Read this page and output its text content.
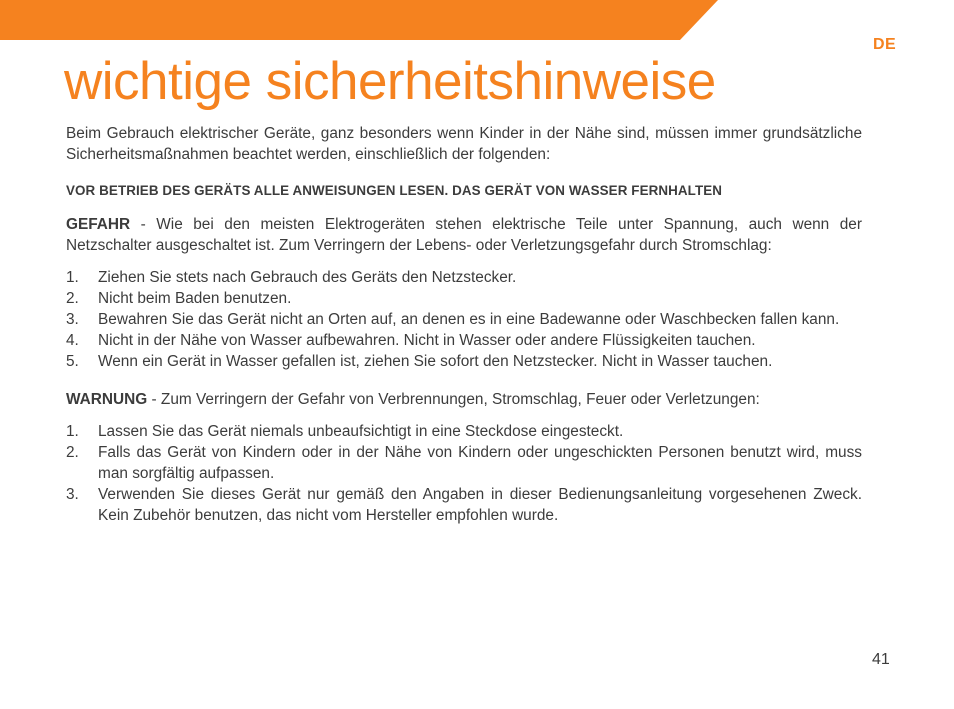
DE
wichtige sicherheitshinweise

Beim Gebrauch elektrischer Geräte, ganz besonders wenn Kinder in der Nähe sind, müssen immer grundsätzliche Sicherheitsmaßnahmen beachtet werden, einschließlich der folgenden:

VOR BETRIEB DES GERÄTS ALLE ANWEISUNGEN LESEN. DAS GERÄT VON WASSER FERNHALTEN

GEFAHR - Wie bei den meisten Elektrogeräten stehen elektrische Teile unter Spannung, auch wenn der Netzschalter ausgeschaltet ist. Zum Verringern der Lebens- oder Verletzungsgefahr durch Stromschlag:

1.	Ziehen Sie stets nach Gebrauch des Geräts den Netzstecker.
2.	Nicht beim Baden benutzen.
3.	Bewahren Sie das Gerät nicht an Orten auf, an denen es in eine Badewanne oder Waschbecken fallen kann.
4.	Nicht in der Nähe von Wasser aufbewahren. Nicht in Wasser oder andere Flüssigkeiten tauchen.
5.	Wenn ein Gerät in Wasser gefallen ist, ziehen Sie sofort den Netzstecker. Nicht in Wasser tauchen.

WARNUNG - Zum Verringern der Gefahr von Verbrennungen, Stromschlag, Feuer oder Verletzungen:

1.	Lassen Sie das Gerät niemals unbeaufsichtigt in eine Steckdose eingesteckt.
2.	Falls das Gerät von Kindern oder in der Nähe von Kindern oder ungeschickten Personen benutzt wird, muss man sorgfältig aufpassen.
3.	Verwenden Sie dieses Gerät nur gemäß den Angaben in dieser Bedienungsanleitung vorgesehenen Zweck. Kein Zubehör benutzen, das nicht vom Hersteller empfohlen wurde.
41
